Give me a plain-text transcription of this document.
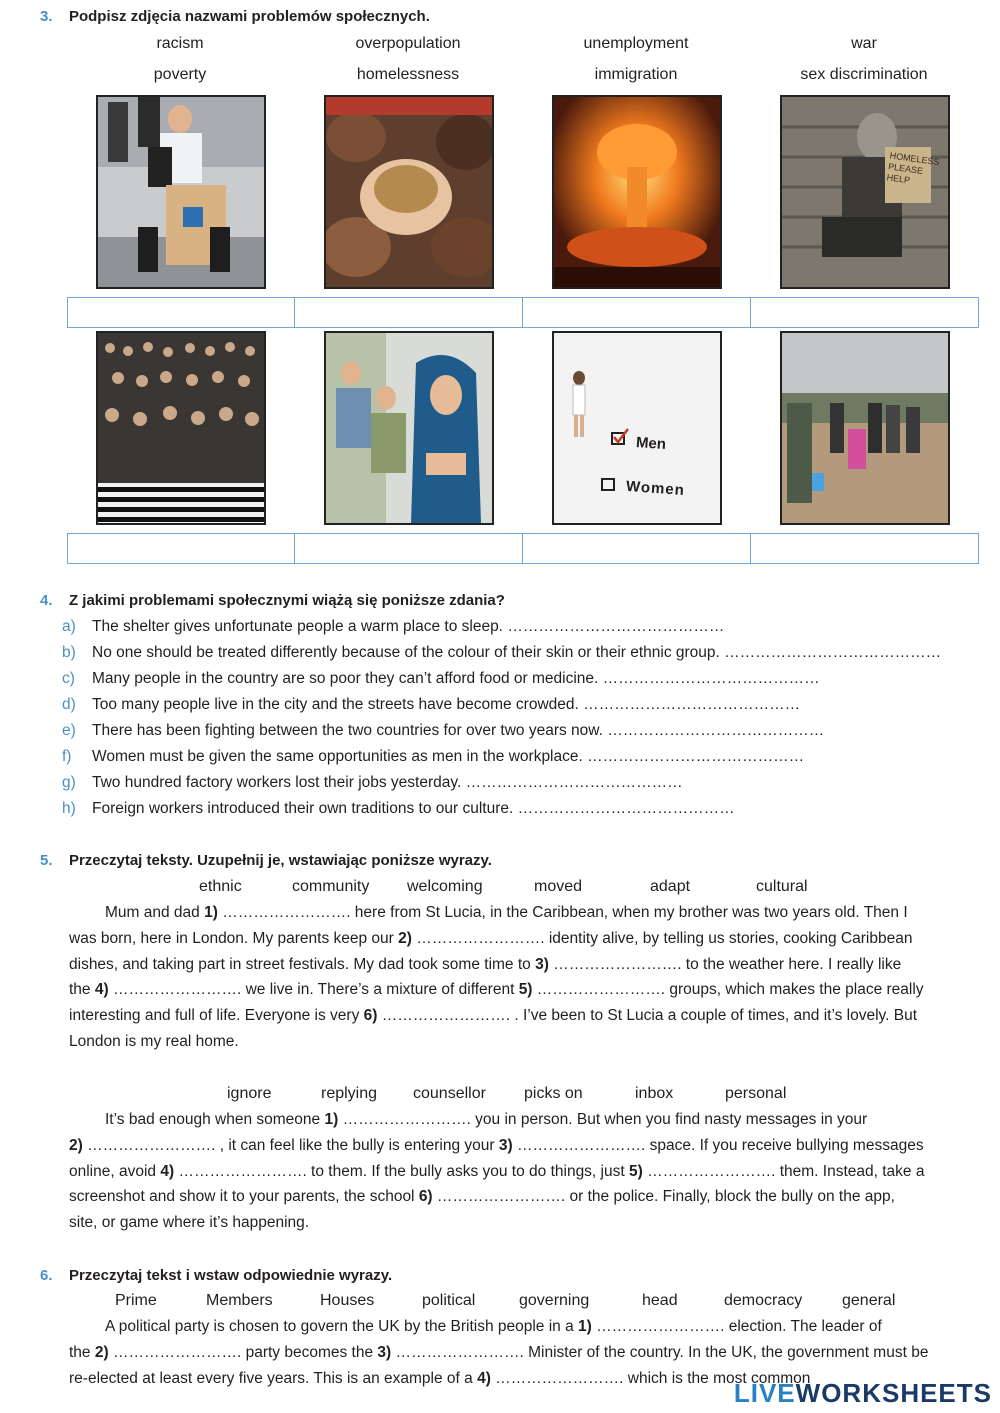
3. Podpisz zdjęcia nazwami problemów społecznych.
racism	overpopulation	unemployment	war
poverty	homelessness	immigration	sex discrimination
HOMELESS PLEASE HELP
Men
Women
4. Z jakimi problemami społecznymi wiążą się poniższe zdania?
a) The shelter gives unfortunate people a warm place to sleep. ……………………………………
b) No one should be treated differently because of the colour of their skin or their ethnic group. ……………………………………
c) Many people in the country are so poor they can’t afford food or medicine. ……………………………………
d) Too many people live in the city and the streets have become crowded. ……………………………………
e) There has been fighting between the two countries for over two years now. ……………………………………
f) Women must be given the same opportunities as men in the workplace. ……………………………………
g) Two hundred factory workers lost their jobs yesterday. ……………………………………
h) Foreign workers introduced their own traditions to our culture. ……………………………………
5. Przeczytaj teksty. Uzupełnij je, wstawiając poniższe wyrazy.
ethnic	community welcoming	moved	adapt	cultural
Mum and dad 1) ……………………. here from St Lucia, in the Caribbean, when my brother was two years old. Then I
was born, here in London. My parents keep our 2) ……………………. identity alive, by telling us stories, cooking Caribbean
dishes, and taking part in street festivals. My dad took some time to 3) ……………………. to the weather here. I really like
the 4) ……………………. we live in. There’s a mixture of different 5) ……………………. groups, which makes the place really
interesting and full of life. Everyone is very 6) ……………………. . I’ve been to St Lucia a couple of times, and it’s lovely. But
London is my real home.
ignore	replying counsellor picks on	inbox	personal
It’s bad enough when someone 1) ……………………. you in person. But when you find nasty messages in your
2) ……………………. , it can feel like the bully is entering your 3) ……………………. space. If you receive bullying messages
online, avoid 4) ……………………. to them. If the bully asks you to do things, just 5) ……………………. them. Instead, take a
screenshot and show it to your parents, the school 6) ……………………. or the police. Finally, block the bully on the app,
site, or game where it’s happening.
6. Przeczytaj tekst i wstaw odpowiednie wyrazy.
Prime	Members	Houses	political	governing	head	democracy general
A political party is chosen to govern the UK by the British people in a 1) ……………………. election. The leader of
the 2) ……………………. party becomes the 3) ……………………. Minister of the country. In the UK, the government must be
re-elected at least every five years. This is an example of a 4) ……………………. which is the most common
LIVEWORKSHEETS
